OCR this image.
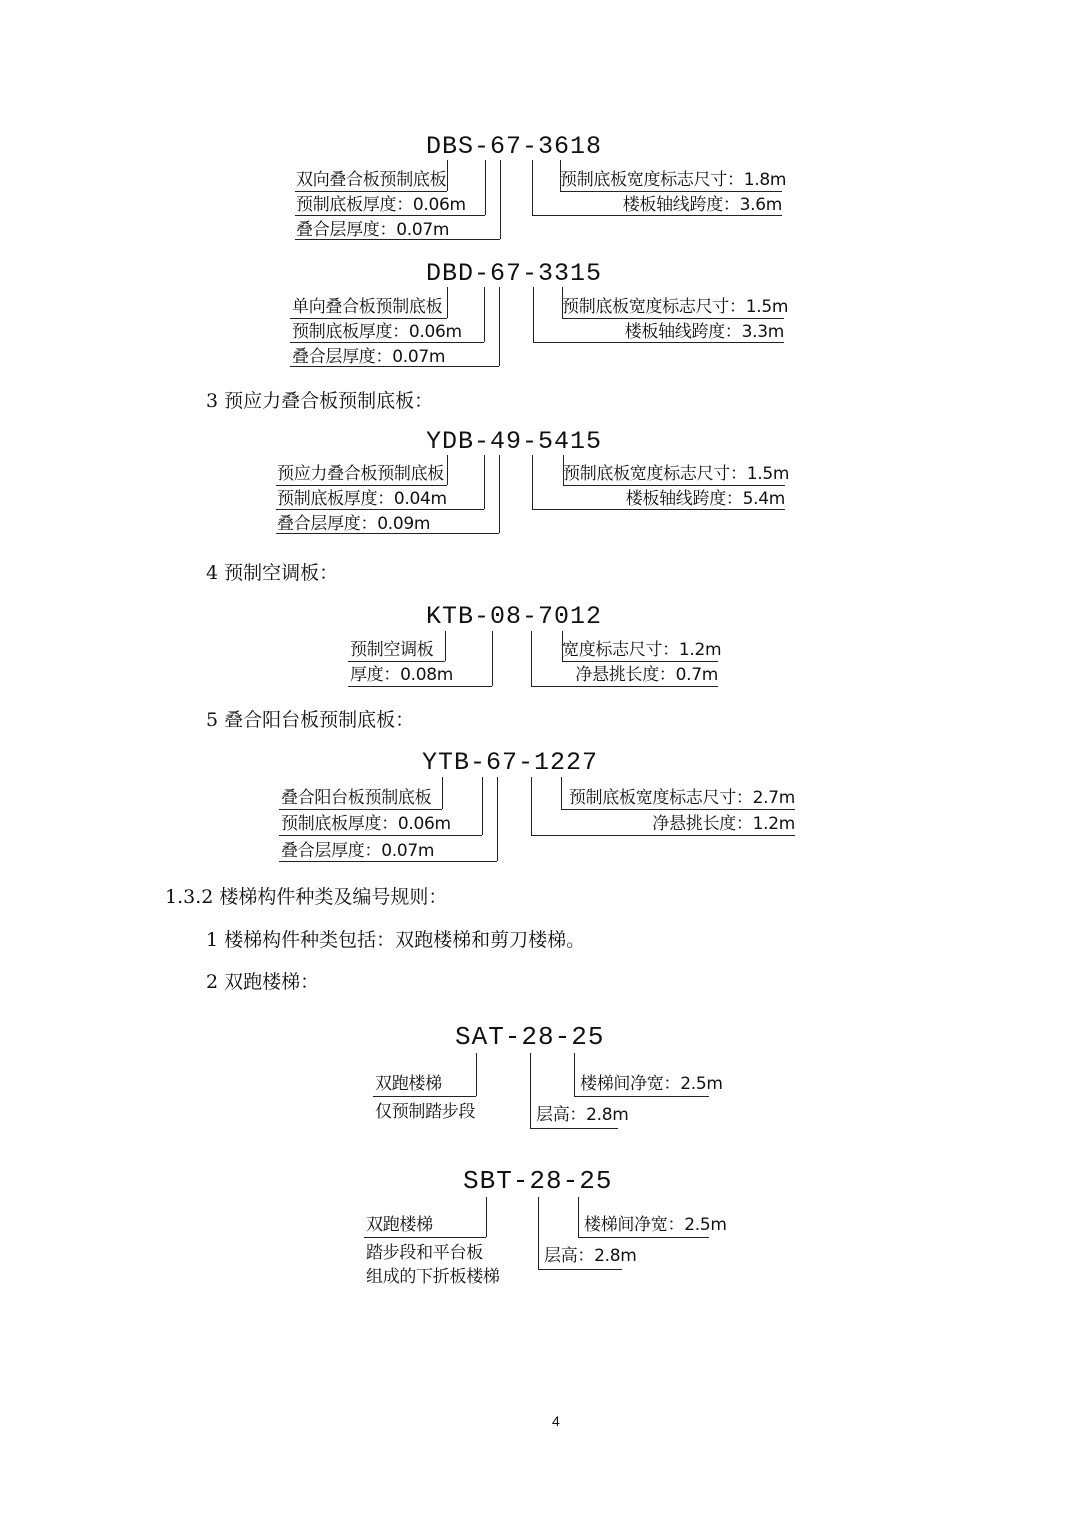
DBS-67-3618
双向叠合板预制底板
预制底板厚度：0.06m
叠合层厚度：0.07m
预制底板宽度标志尺寸：1.8m
楼板轴线跨度：3.6m
DBD-67-3315
单向叠合板预制底板
预制底板厚度：0.06m
叠合层厚度：0.07m
预制底板宽度标志尺寸：1.5m
楼板轴线跨度：3.3m
3 预应力叠合板预制底板：
YDB-49-5415
预应力叠合板预制底板
预制底板厚度：0.04m
叠合层厚度：0.09m
预制底板宽度标志尺寸：1.5m
楼板轴线跨度：5.4m
4 预制空调板：
KTB-08-7012
预制空调板
厚度：0.08m
宽度标志尺寸：1.2m
净悬挑长度：0.7m
5 叠合阳台板预制底板：
YTB-67-1227
叠合阳台板预制底板
预制底板厚度：0.06m
叠合层厚度：0.07m
预制底板宽度标志尺寸：2.7m
净悬挑长度：1.2m
1.3.2 楼梯构件种类及编号规则：
1 楼梯构件种类包括：双跑楼梯和剪刀楼梯。
2 双跑楼梯：
SAT-28-25
双跑楼梯
仅预制踏步段	层高：2.8m
楼梯间净宽：2.5m
SBT-28-25
双跑楼梯
踏步段和平台板
组成的下折板楼梯
层高：2.8m
楼梯间净宽：2.5m
4
